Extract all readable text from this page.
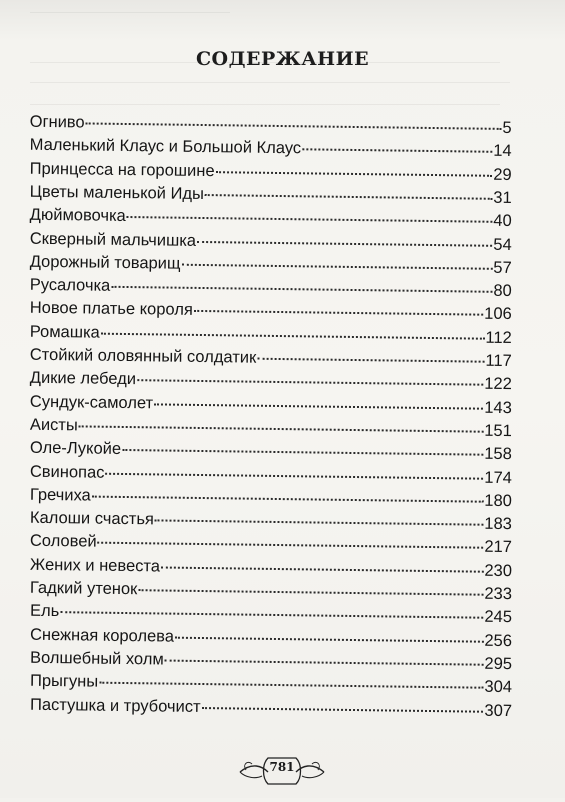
СОДЕРЖАНИЕ
Огниво	5
Маленький Клаус и Большой Клаус	14
Принцесса на горошине	29
Цветы маленькой Иды	31
Дюймовочка	40
Скверный мальчишка	54
Дорожный товарищ	57
Русалочка	80
Новое платье короля	106
Ромашка	112
Стойкий оловянный солдатик	117
Дикие лебеди	122
Сундук-самолет	143
Аисты	151
Оле-Лукойе	158
Свинопас	174
Гречиха	180
Калоши счастья	183
Соловей	217
Жених и невеста	230
Гадкий утенок	233
Ель	245
Снежная королева	256
Волшебный холм	295
Прыгуны	304
Пастушка и трубочист	307
781
